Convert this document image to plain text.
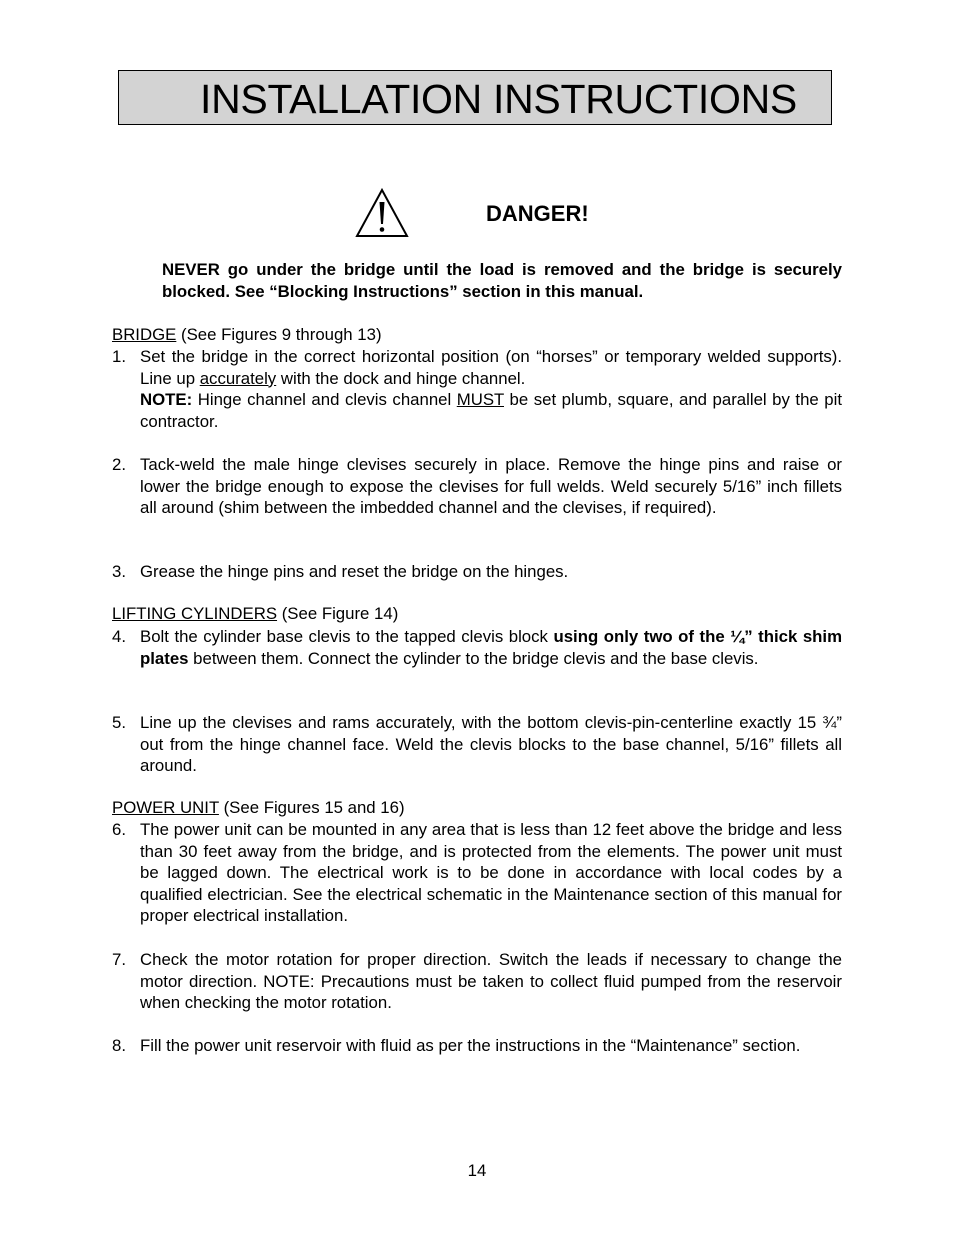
INSTALLATION INSTRUCTIONS
DANGER!
NEVER go under the bridge until the load is removed and the bridge is securely blocked. See “Blocking Instructions” section in this manual.
BRIDGE (See Figures 9 through 13)
1. Set the bridge in the correct horizontal position (on “horses” or temporary welded supports). Line up accurately with the dock and hinge channel.
NOTE: Hinge channel and clevis channel MUST be set plumb, square, and parallel by the pit contractor.
2. Tack-weld the male hinge clevises securely in place. Remove the hinge pins and raise or lower the bridge enough to expose the clevises for full welds. Weld securely 5/16” inch fillets all around (shim between the imbedded channel and the clevises, if required).
3. Grease the hinge pins and reset the bridge on the hinges.
LIFTING CYLINDERS (See Figure 14)
4. Bolt the cylinder base clevis to the tapped clevis block using only two of the ¼” thick shim plates between them. Connect the cylinder to the bridge clevis and the base clevis.
5. Line up the clevises and rams accurately, with the bottom clevis-pin-centerline exactly 15 ¾” out from the hinge channel face. Weld the clevis blocks to the base channel, 5/16” fillets all around.
POWER UNIT (See Figures 15 and 16)
6. The power unit can be mounted in any area that is less than 12 feet above the bridge and less than 30 feet away from the bridge, and is protected from the elements. The power unit must be lagged down. The electrical work is to be done in accordance with local codes by a qualified electrician. See the electrical schematic in the Maintenance section of this manual for proper electrical installation.
7. Check the motor rotation for proper direction. Switch the leads if necessary to change the motor direction. NOTE: Precautions must be taken to collect fluid pumped from the reservoir when checking the motor rotation.
8. Fill the power unit reservoir with fluid as per the instructions in the “Maintenance” section.
14
